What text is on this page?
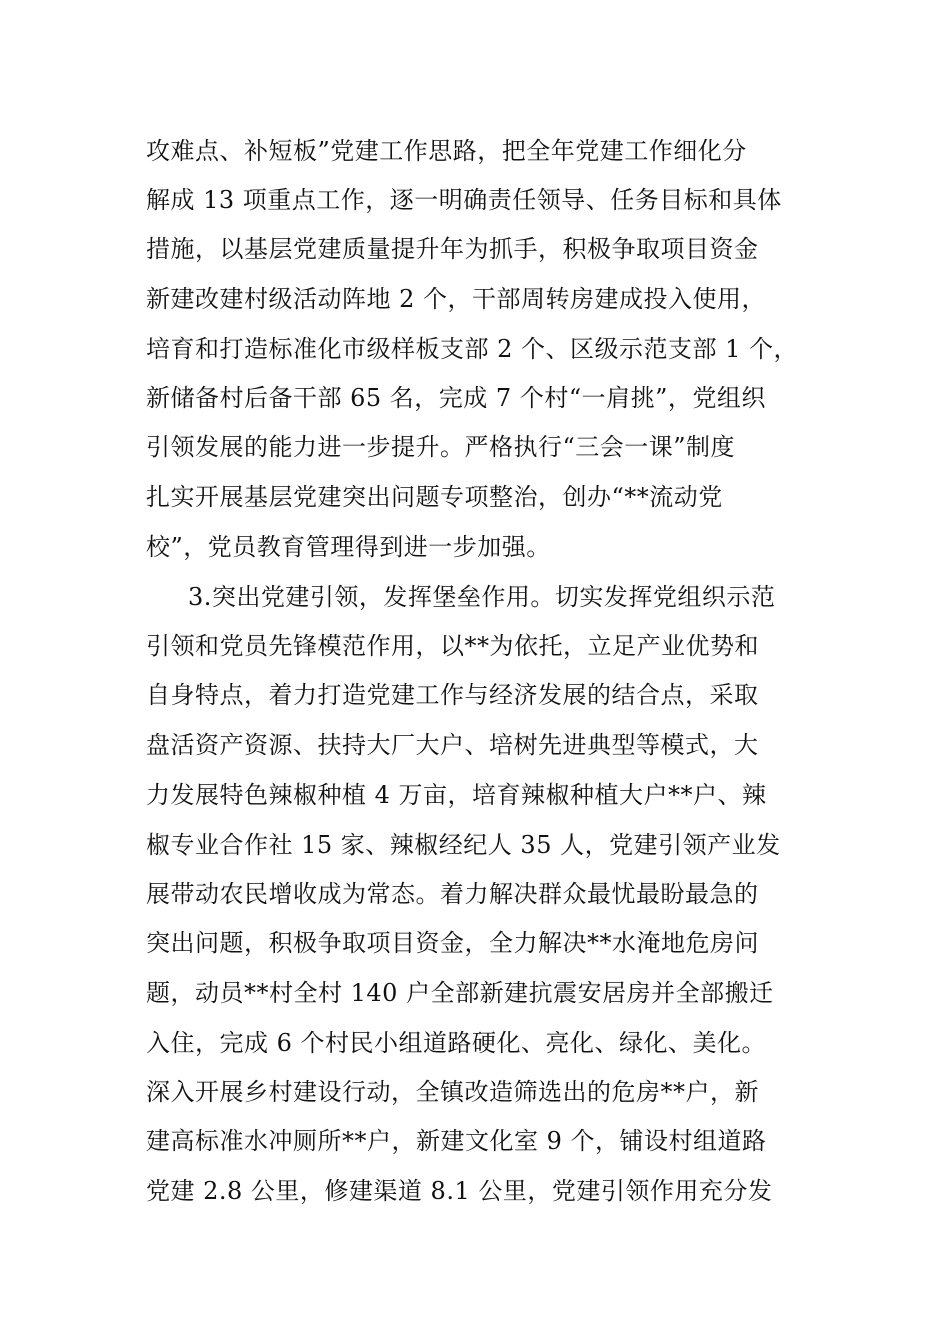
攻难点、补短板”党建工作思路，把全年党建工作细化分
解成 13 项重点工作，逐一明确责任领导、任务目标和具体
措施，以基层党建质量提升年为抓手，积极争取项目资金
新建改建村级活动阵地 2 个，干部周转房建成投入使用，
培育和打造标准化市级样板支部 2 个、区级示范支部 1 个，
新储备村后备干部 65 名，完成 7 个村“一肩挑”，党组织
引领发展的能力进一步提升。严格执行“三会一课”制度
扎实开展基层党建突出问题专项整治，创办“**流动党
校”，党员教育管理得到进一步加强。
3.突出党建引领，发挥堡垒作用。切实发挥党组织示范
引领和党员先锋模范作用，以**为依托，立足产业优势和
自身特点，着力打造党建工作与经济发展的结合点，采取
盘活资产资源、扶持大厂大户、培树先进典型等模式，大
力发展特色辣椒种植 4 万亩，培育辣椒种植大户**户、辣
椒专业合作社 15 家、辣椒经纪人 35 人，党建引领产业发
展带动农民增收成为常态。着力解决群众最忧最盼最急的
突出问题，积极争取项目资金，全力解决**水淹地危房问
题，动员**村全村 140 户全部新建抗震安居房并全部搬迁
入住，完成 6 个村民小组道路硬化、亮化、绿化、美化。
深入开展乡村建设行动，全镇改造筛选出的危房**户，新
建高标准水冲厕所**户，新建文化室 9 个，铺设村组道路
党建 2.8 公里，修建渠道 8.1 公里，党建引领作用充分发
